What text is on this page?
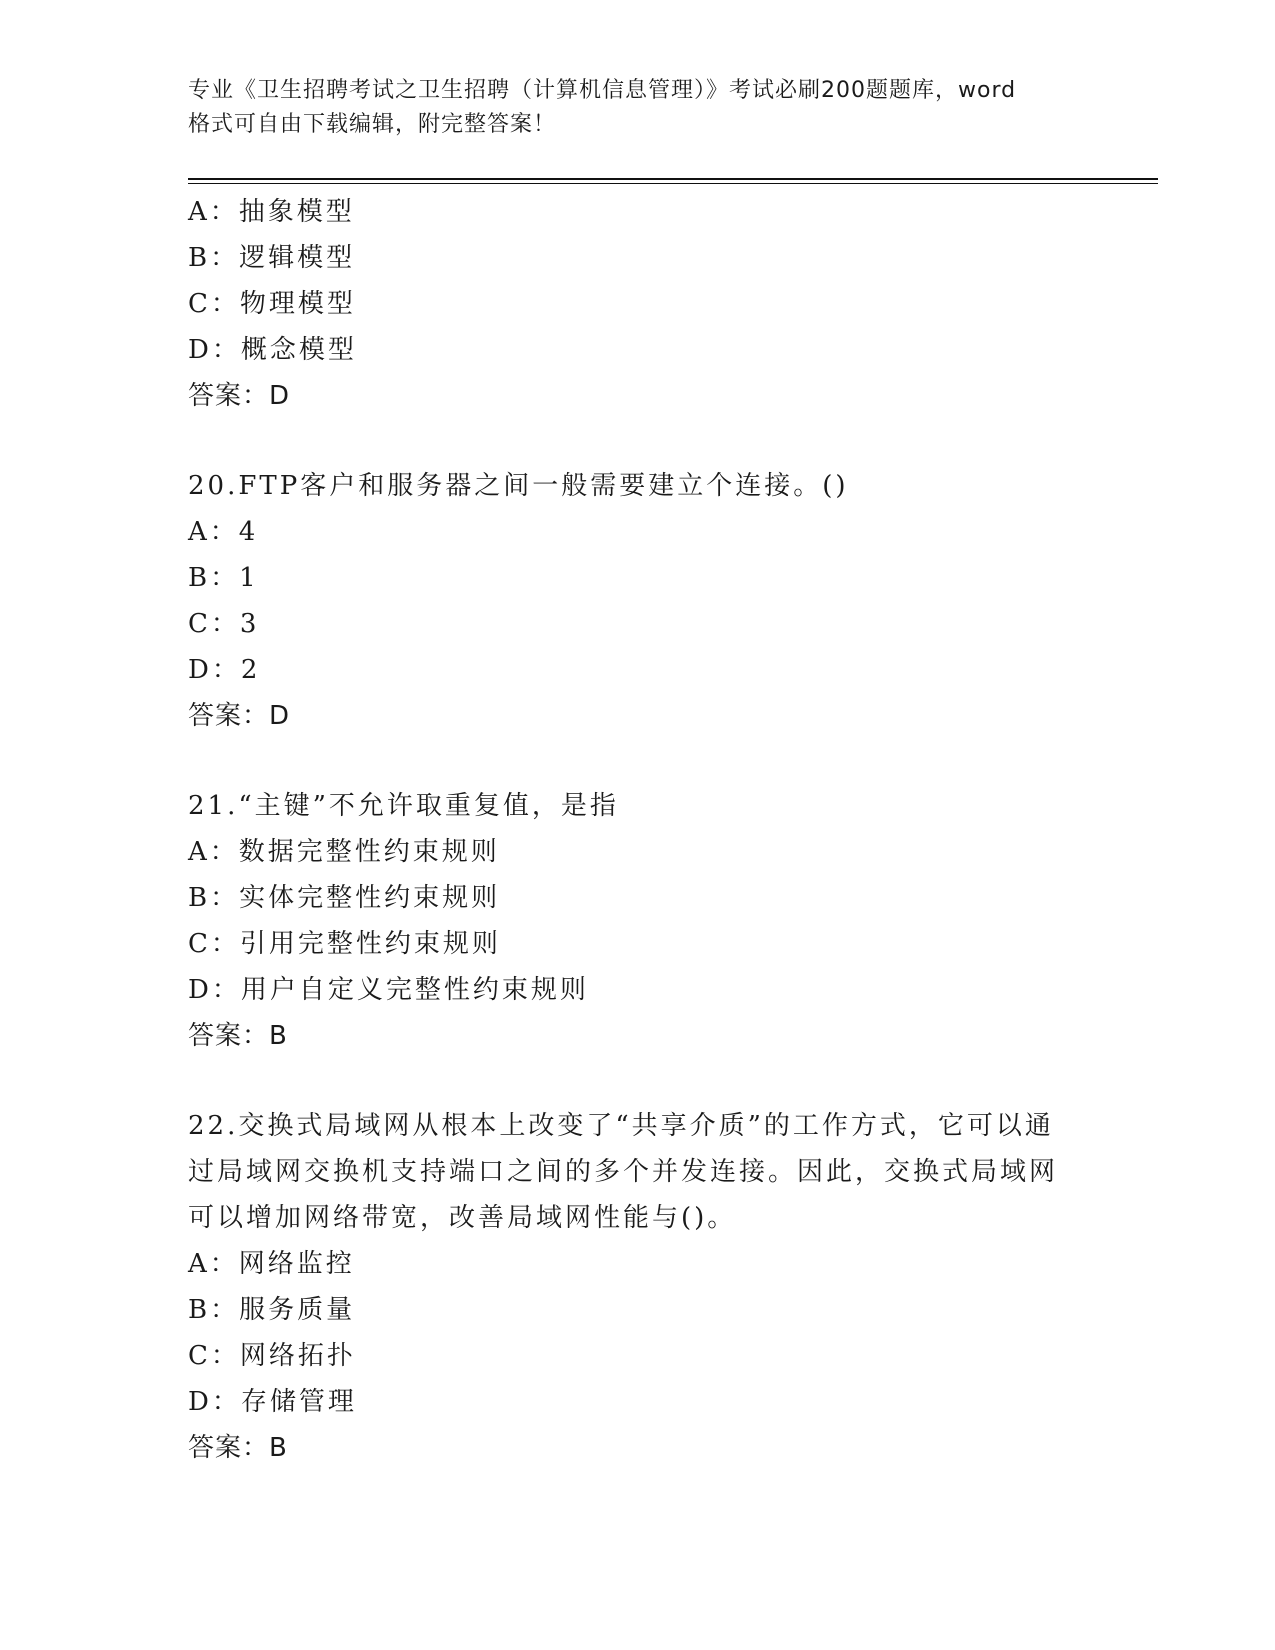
专业《卫生招聘考试之卫生招聘（计算机信息管理）》考试必刷200题题库，word
格式可自由下载编辑，附完整答案！
A：抽象模型
B：逻辑模型
C：物理模型
D：概念模型
答案：D
20.FTP客户和服务器之间一般需要建立个连接。()
A：4
B：1
C：3
D：2
答案：D
21.“主键”不允许取重复值，是指
A：数据完整性约束规则
B：实体完整性约束规则
C：引用完整性约束规则
D：用户自定义完整性约束规则
答案：B
22.交换式局域网从根本上改变了“共享介质”的工作方式，它可以通过局域网交换机支持端口之间的多个并发连接。因此，交换式局域网可以增加网络带宽，改善局域网性能与()。
A：网络监控
B：服务质量
C：网络拓扑
D：存储管理
答案：B
